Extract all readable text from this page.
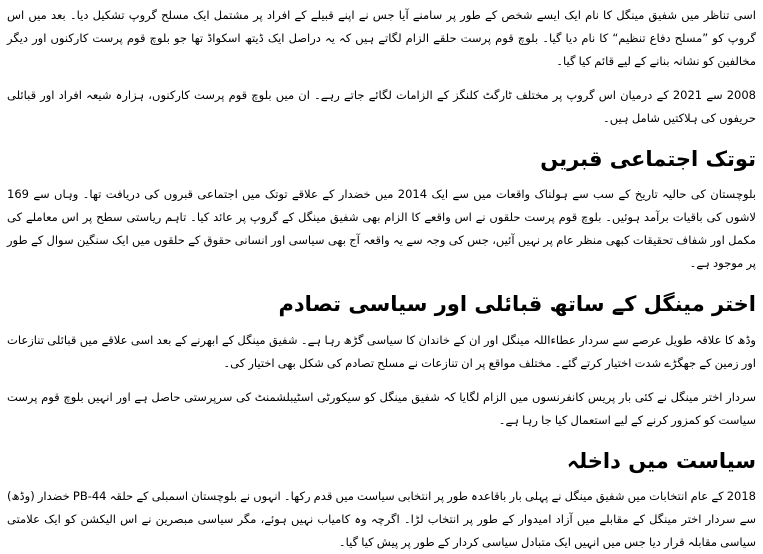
اسی تناظر میں شفیق مینگل کا نام ایک ایسے شخص کے طور پر سامنے آیا جس نے اپنے قبیلے کے افراد پر مشتمل ایک مسلح گروپ تشکیل دیا۔ بعد میں اس گروپ کو ”مسلح دفاع تنظیم“ کا نام دیا گیا۔ بلوچ قوم پرست حلقے الزام لگاتے ہیں کہ یہ دراصل ایک ڈیتھ اسکواڈ تھا جو بلوچ قوم پرست کارکنوں اور دیگر مخالفین کو نشانہ بنانے کے لیے قائم کیا گیا۔

2008 سے 2021 کے درمیان اس گروپ پر مختلف ٹارگٹ کلنگز کے الزامات لگائے جاتے رہے۔ ان میں بلوچ قوم پرست کارکنوں، ہزارہ شیعہ افراد اور قبائلی حریفوں کی ہلاکتیں شامل ہیں۔

توتک اجتماعی قبریں

بلوچستان کی حالیہ تاریخ کے سب سے ہولناک واقعات میں سے ایک 2014 میں خضدار کے علاقے توتک میں اجتماعی قبروں کی دریافت تھا۔ وہاں سے 169 لاشوں کی باقیات برآمد ہوئیں۔ بلوچ قوم پرست حلقوں نے اس واقعے کا الزام بھی شفیق مینگل کے گروپ پر عائد کیا۔ تاہم ریاستی سطح پر اس معاملے کی مکمل اور شفاف تحقیقات کبھی منظر عام پر نہیں آئیں، جس کی وجہ سے یہ واقعہ آج بھی سیاسی اور انسانی حقوق کے حلقوں میں ایک سنگین سوال کے طور پر موجود ہے۔

اختر مینگل کے ساتھ قبائلی اور سیاسی تصادم

وڈھ کا علاقہ طویل عرصے سے سردار عطاءاللہ مینگل اور ان کے خاندان کا سیاسی گڑھ رہا ہے۔ شفیق مینگل کے ابھرنے کے بعد اسی علاقے میں قبائلی تنازعات اور زمین کے جھگڑے شدت اختیار کرتے گئے۔ مختلف مواقع پر ان تنازعات نے مسلح تصادم کی شکل بھی اختیار کی۔

سردار اختر مینگل نے کئی بار پریس کانفرنسوں میں الزام لگایا کہ شفیق مینگل کو سیکورٹی اسٹیبلشمنٹ کی سرپرستی حاصل ہے اور انہیں بلوچ قوم پرست سیاست کو کمزور کرنے کے لیے استعمال کیا جا رہا ہے۔

سیاست میں داخلہ

2018 کے عام انتخابات میں شفیق مینگل نے پہلی بار باقاعدہ طور پر انتخابی سیاست میں قدم رکھا۔ انہوں نے بلوچستان اسمبلی کے حلقہ PB-44 خضدار (وڈھ) سے سردار اختر مینگل کے مقابلے میں آزاد امیدوار کے طور پر انتخاب لڑا۔ اگرچہ وہ کامیاب نہیں ہوئے، مگر سیاسی مبصرین نے اس الیکشن کو ایک علامتی سیاسی مقابلہ قرار دیا جس میں انہیں ایک متبادل سیاسی کردار کے طور پر پیش کیا گیا۔
